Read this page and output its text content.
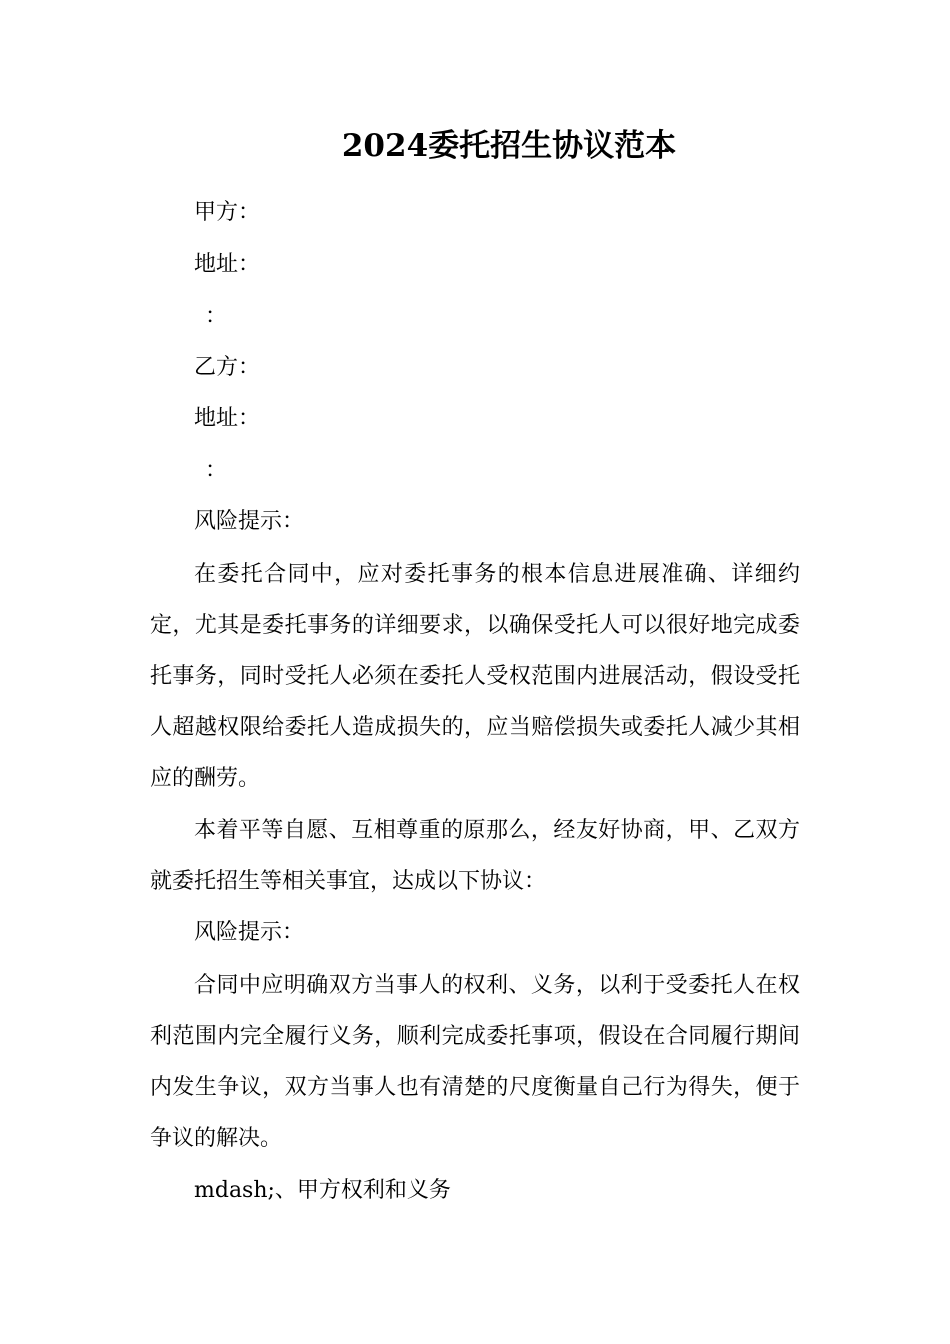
2024委托招生协议范本

甲方：

地址：

：

乙方：

地址：

：

风险提示：

在委托合同中，应对委托事务的根本信息进展准确、详细约定，尤其是委托事务的详细要求，以确保受托人可以很好地完成委托事务，同时受托人必须在委托人受权范围内进展活动，假设受托人超越权限给委托人造成损失的，应当赔偿损失或委托人减少其相应的酬劳。

本着平等自愿、互相尊重的原那么，经友好协商，甲、乙双方就委托招生等相关事宜，达成以下协议：

风险提示：

合同中应明确双方当事人的权利、义务，以利于受委托人在权利范围内完全履行义务，顺利完成委托事项，假设在合同履行期间内发生争议，双方当事人也有清楚的尺度衡量自己行为得失，便于争议的解决。

mdash;、甲方权利和义务
